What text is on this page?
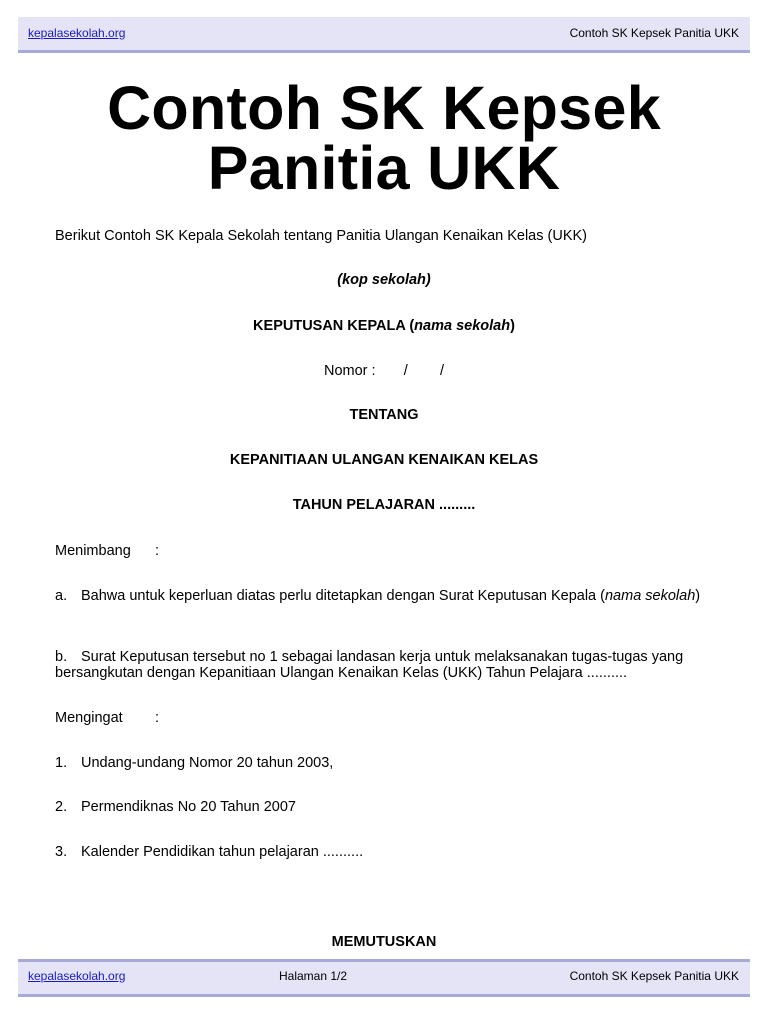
kepalasekolah.org	Contoh SK Kepsek Panitia UKK
Contoh SK Kepsek
Panitia UKK
Berikut Contoh SK Kepala Sekolah tentang Panitia Ulangan Kenaikan Kelas (UKK)
(kop sekolah)
KEPUTUSAN KEPALA (nama sekolah)
Nomor :       /        /
TENTANG
KEPANITIAAN ULANGAN KENAIKAN KELAS
TAHUN PELAJARAN .........
Menimbang :
a. Bahwa untuk keperluan diatas perlu ditetapkan dengan Surat Keputusan Kepala (nama sekolah)
b. Surat Keputusan tersebut no 1 sebagai landasan kerja untuk melaksanakan tugas-tugas yang bersangkutan dengan Kepanitiaan Ulangan Kenaikan Kelas (UKK) Tahun Pelajara ..........
Mengingat :
1. Undang-undang Nomor 20 tahun 2003,
2. Permendiknas No 20 Tahun 2007
3. Kalender Pendidikan tahun pelajaran ..........
MEMUTUSKAN
kepalasekolah.org	Halaman 1/2	Contoh SK Kepsek Panitia UKK
